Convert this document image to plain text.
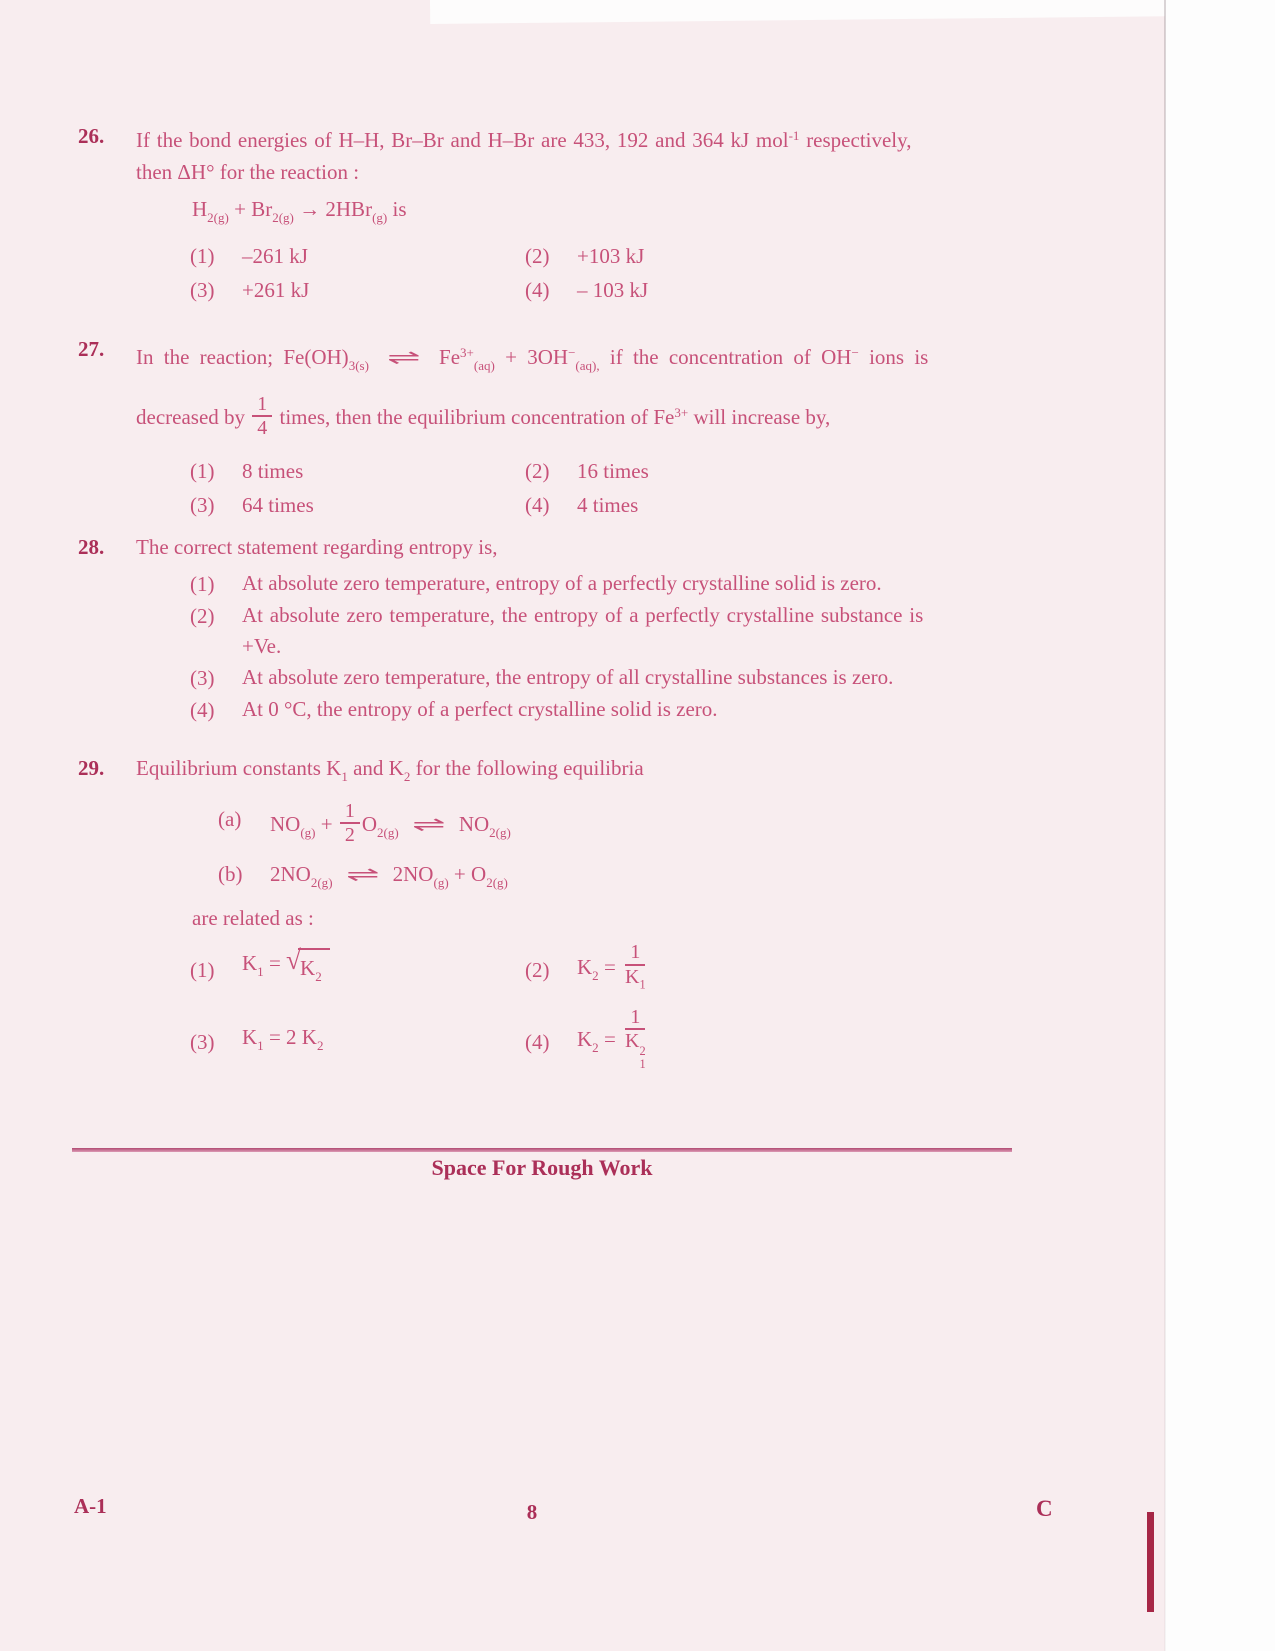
26.	If the bond energies of H–H, Br–Br and H–Br are 433, 192 and 364 kJ mol$^{-1}$ respectively,
then ΔH° for the reaction :
$H_{2(g)} + Br_{2(g)} \to 2HBr_{(g)}$ is
(1)	–261 kJ	(2)	+103 kJ
(3)	+261 kJ	(4)	– 103 kJ
27.	In the reaction; $Fe(OH)_{3(s)}$ ⇌ $Fe^{3+}_{(aq)} + 3OH^-_{(aq),}$ if the concentration of OH− ions is
decreased by $\frac{1}{4}$ times, then the equilibrium concentration of $Fe^{3+}$ will increase by,
(1)	8 times	(2)	16 times
(3)	64 times	(4)	4 times
28.	The correct statement regarding entropy is,
(1)	At absolute zero temperature, entropy of a perfectly crystalline solid is zero.
(2)	At absolute zero temperature, the entropy of a perfectly crystalline substance is
+Ve.
(3)	At absolute zero temperature, the entropy of all crystalline substances is zero.
(4)	At 0 °C, the entropy of a perfect crystalline solid is zero.
29.	Equilibrium constants $K_1$ and $K_2$ for the following equilibria
(a)	$NO_{(g)} + \frac{1}{2} O_{2(g)}$ ⇌ $NO_{2(g)}$
(b)	$2NO_{2(g)}$ ⇌ $2NO_{(g)} + O_{2(g)}$
are related as :
(1)	$K_1$ = √ $K_2$	(2)	$K_2 = \frac{1}{K_1}$
(3)	$K_1 = 2$ $K_2$	(4)	$K_2 = 1$
K 2
1
Space For Rough Work
A-1	8	C
